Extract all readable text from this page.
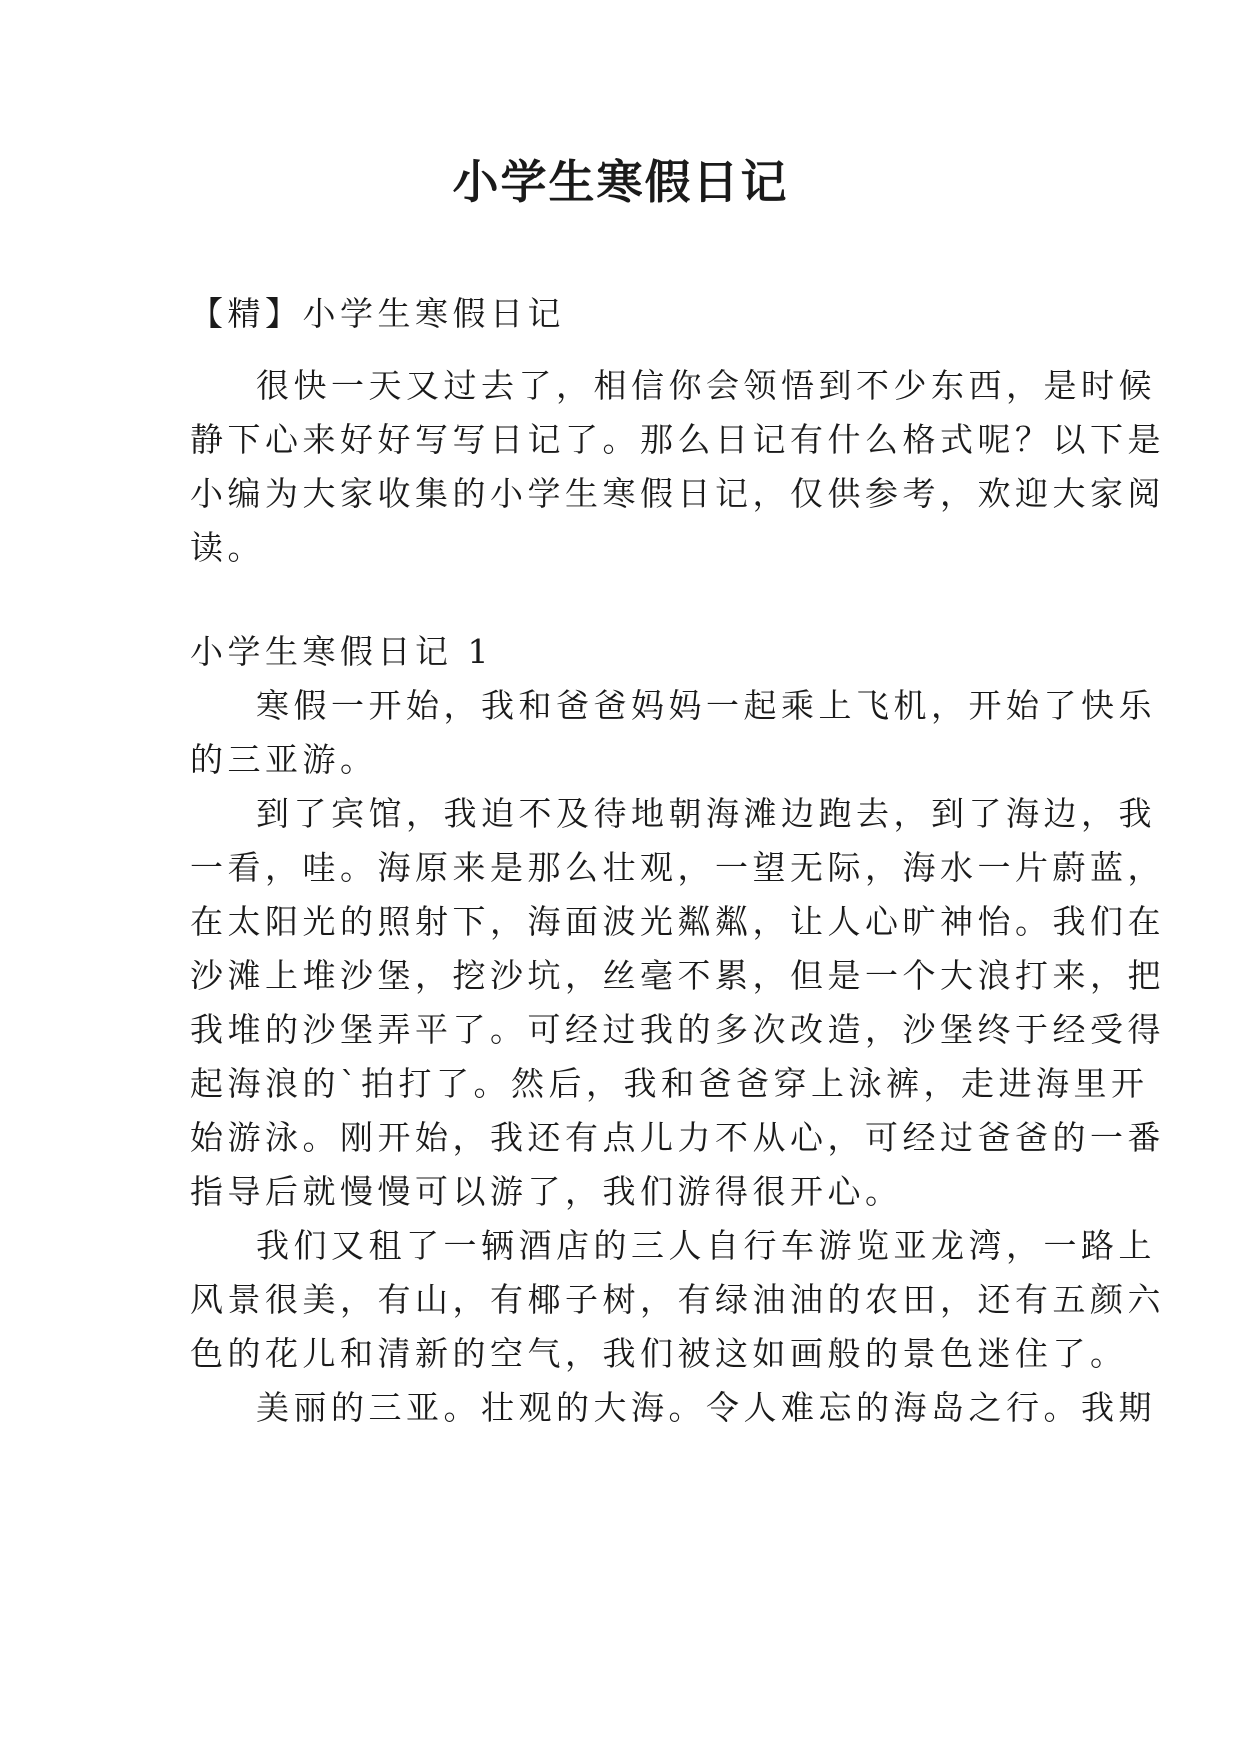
小学生寒假日记
【精】小学生寒假日记
很快一天又过去了，相信你会领悟到不少东西，是时候
静下心来好好写写日记了。那么日记有什么格式呢？以下是
小编为大家收集的小学生寒假日记，仅供参考，欢迎大家阅
读。
小学生寒假日记 1
寒假一开始，我和爸爸妈妈一起乘上飞机，开始了快乐
的三亚游。
到了宾馆，我迫不及待地朝海滩边跑去，到了海边，我
一看，哇。海原来是那么壮观，一望无际，海水一片蔚蓝，
在太阳光的照射下，海面波光粼粼，让人心旷神怡。我们在
沙滩上堆沙堡，挖沙坑，丝毫不累，但是一个大浪打来，把
我堆的沙堡弄平了。可经过我的多次改造，沙堡终于经受得
起海浪的`拍打了。然后，我和爸爸穿上泳裤，走进海里开
始游泳。刚开始，我还有点儿力不从心，可经过爸爸的一番
指导后就慢慢可以游了，我们游得很开心。
我们又租了一辆酒店的三人自行车游览亚龙湾，一路上
风景很美，有山，有椰子树，有绿油油的农田，还有五颜六
色的花儿和清新的空气，我们被这如画般的景色迷住了。
美丽的三亚。壮观的大海。令人难忘的海岛之行。我期
